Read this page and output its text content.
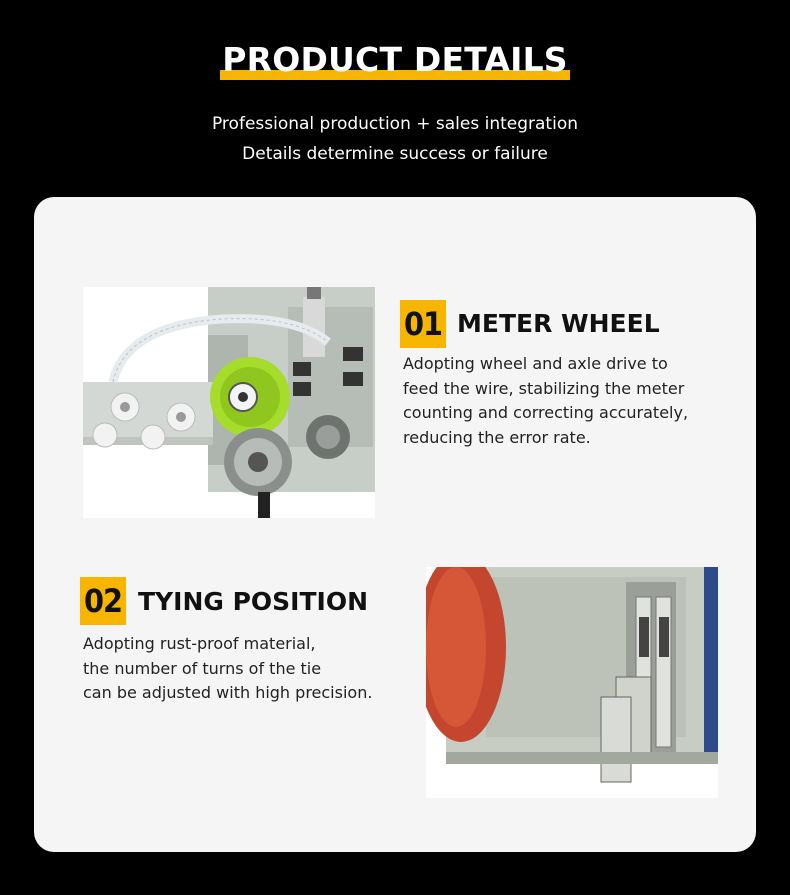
PRODUCT DETAILS
Professional production + sales integration
Details determine success or failure
01 METER WHEEL
Adopting wheel and axle drive to
feed the wire, stabilizing the meter
counting and correcting accurately,
reducing the error rate.
02 TYING POSITION
Adopting rust-proof material,
the number of turns of the tie
can be adjusted with high precision.
